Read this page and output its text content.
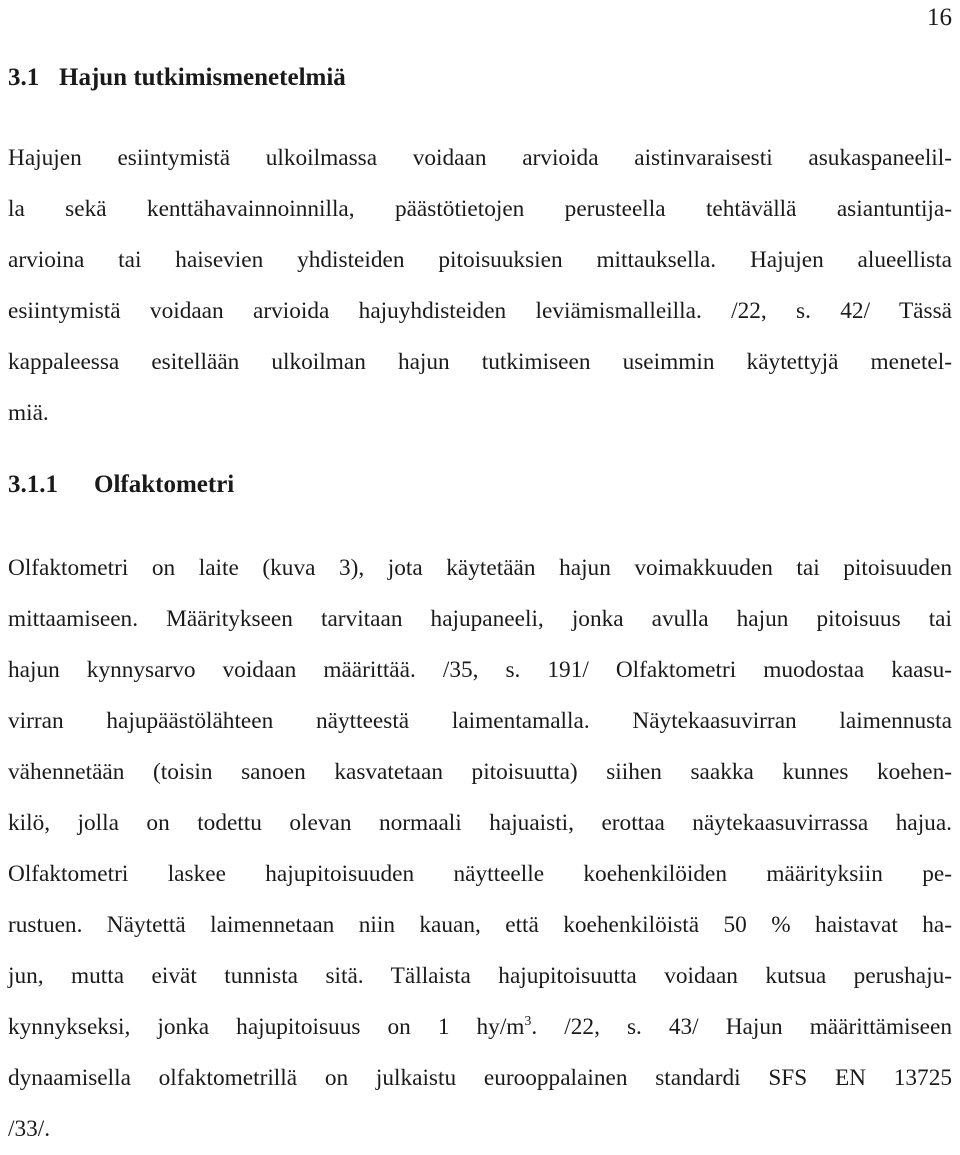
16
3.1 Hajun tutkimismenetelmiä

Hajujen esiintymistä ulkoilmassa voidaan arvioida aistinvaraisesti asukaspaneelil-
la sekä kenttähavainnoinnilla, päästötietojen perusteella tehtävällä asiantuntija-
arvioina tai haisevien yhdisteiden pitoisuuksien mittauksella. Hajujen alueellista
esiintymistä voidaan arvioida hajuyhdisteiden leviämismalleilla. /22, s. 42/ Tässä
kappaleessa esitellään ulkoilman hajun tutkimiseen useimmin käytettyjä menetel-
miä.

3.1.1 Olfaktometri

Olfaktometri on laite (kuva 3), jota käytetään hajun voimakkuuden tai pitoisuuden
mittaamiseen. Määritykseen tarvitaan hajupaneeli, jonka avulla hajun pitoisuus tai
hajun kynnysarvo voidaan määrittää. /35, s. 191/ Olfaktometri muodostaa kaasu-
virran hajupäästölähteen näytteestä laimentamalla. Näytekaasuvirran laimennusta
vähennetään (toisin sanoen kasvatetaan pitoisuutta) siihen saakka kunnes koehen-
kilö, jolla on todettu olevan normaali hajuaisti, erottaa näytekaasuvirrassa hajua.
Olfaktometri laskee hajupitoisuuden näytteelle koehenkilöiden määrityksiin pe-
rustuen. Näytettä laimennetaan niin kauan, että koehenkilöistä 50 % haistavat ha-
jun, mutta eivät tunnista sitä. Tällaista hajupitoisuutta voidaan kutsua perushaju-
kynnykseksi, jonka hajupitoisuus on 1 $hy/m^3$. /22, s. 43/ Hajun määrittämiseen
dynaamisella olfaktometrillä on julkaistu eurooppalainen standardi SFS EN 13725
/33/.
